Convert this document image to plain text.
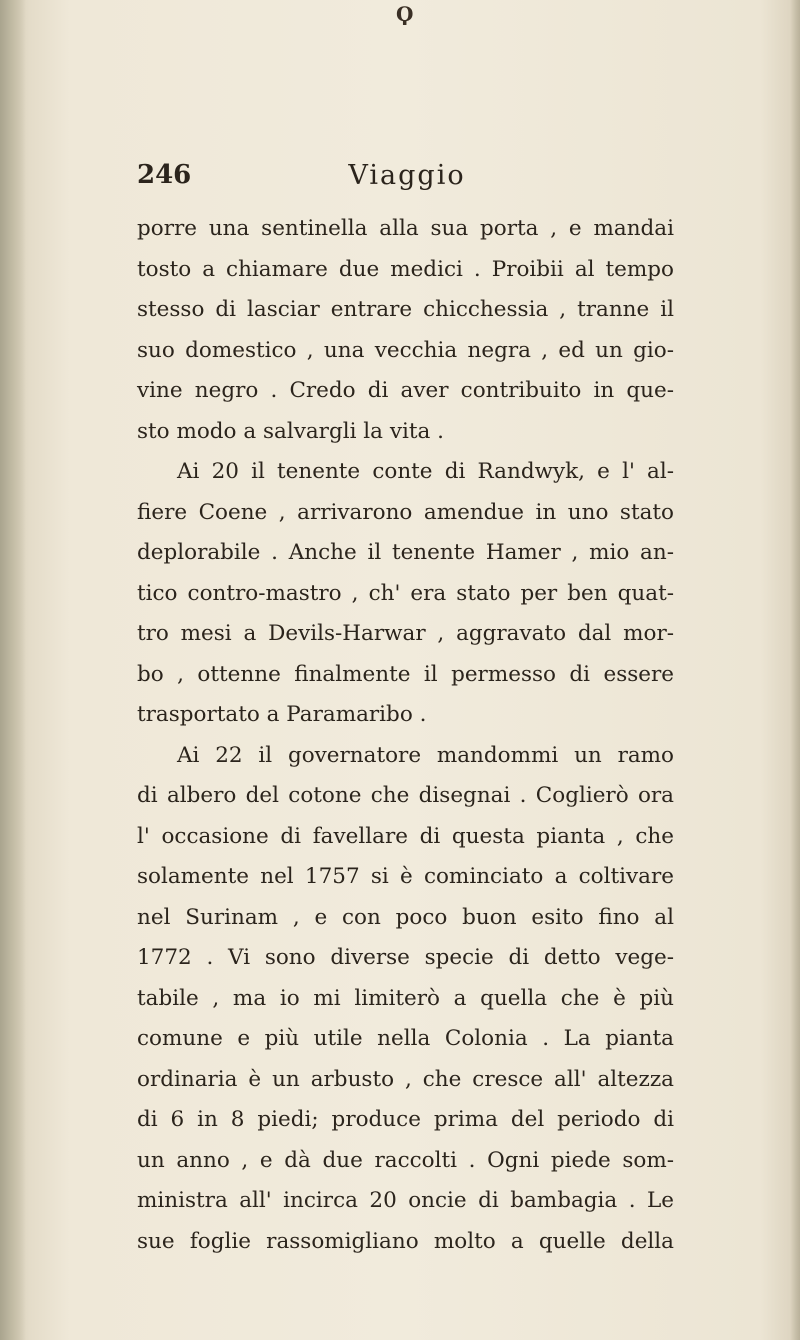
Ϙ
246	Viaggio
porre una sentinella alla sua porta , e mandai
tosto a chiamare due medici . Proibii al tempo
stesso di lasciar entrare chicchessia , tranne il
suo domestico , una vecchia negra , ed un gio-
vine negro . Credo di aver contribuito in que-
sto modo a salvargli la vita .
Ai 20 il tenente conte di Randwyk, e l' al-
fiere Coene , arrivarono amendue in uno stato
deplorabile . Anche il tenente Hamer , mio an-
tico contro-mastro , ch' era stato per ben quat-
tro mesi a Devils-Harwar , aggravato dal mor-
bo , ottenne finalmente il permesso di essere
trasportato a Paramaribo .
Ai 22 il governatore mandommi un ramo
di albero del cotone che disegnai . Coglierò ora
l' occasione di favellare di questa pianta , che
solamente nel 1757 si è cominciato a coltivare
nel Surinam , e con poco buon esito fino al
1772 . Vi sono diverse specie di detto vege-
tabile , ma io mi limiterò a quella che è più
comune e più utile nella Colonia . La pianta
ordinaria è un arbusto , che cresce all' altezza
di 6 in 8 piedi; produce prima del periodo di
un anno , e dà due raccolti . Ogni piede som-
ministra all' incirca 20 oncie di bambagia . Le
sue foglie rassomigliano molto a quelle della
